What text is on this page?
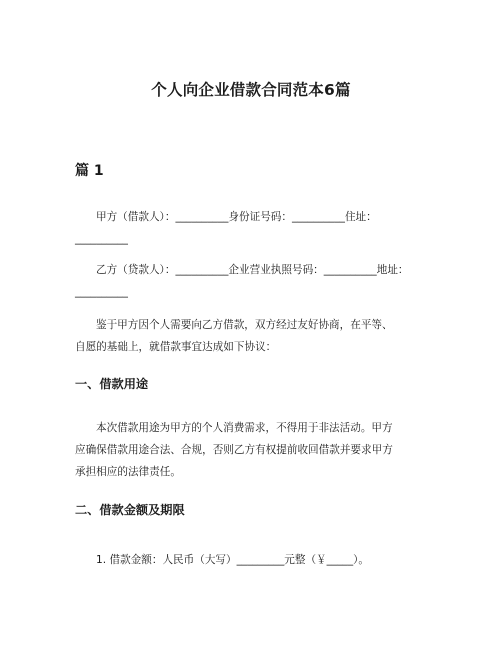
个人向企业借款合同范本6篇
篇 1
甲方（借款人）：__________身份证号码：__________住址：
__________
乙方（贷款人）：__________企业营业执照号码：__________地址：
__________
鉴于甲方因个人需要向乙方借款，双方经过友好协商，在平等、
自愿的基础上，就借款事宜达成如下协议：
一、借款用途
本次借款用途为甲方的个人消费需求，不得用于非法活动。甲方
应确保借款用途合法、合规，否则乙方有权提前收回借款并要求甲方
承担相应的法律责任。
二、借款金额及期限
1. 借款金额：人民币（大写）_________元整（￥_____）。
